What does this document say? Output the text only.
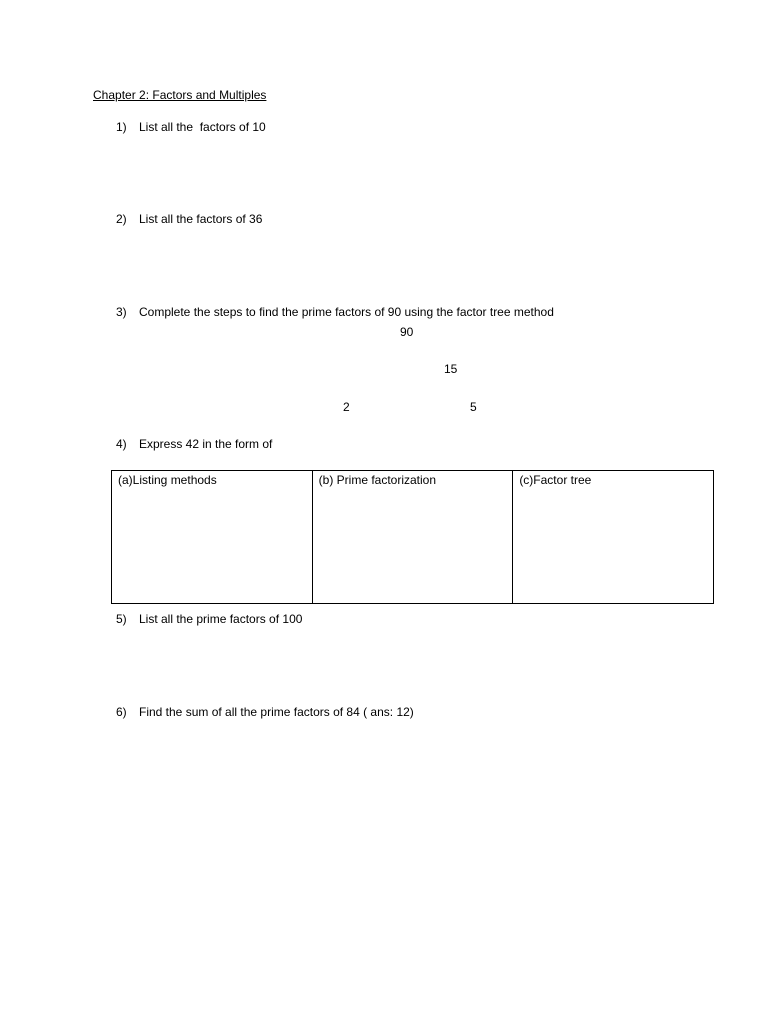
Chapter 2: Factors and Multiples
1)	List all the  factors of 10
2)	List all the factors of 36
3)	Complete the steps to find the prime factors of 90 using the factor tree method
90
15
2	5
4)	Express 42 in the form of
(a)Listing methods	(b) Prime factorization	(c)Factor tree
5)	List all the prime factors of 100
6)	Find the sum of all the prime factors of 84 ( ans: 12)
